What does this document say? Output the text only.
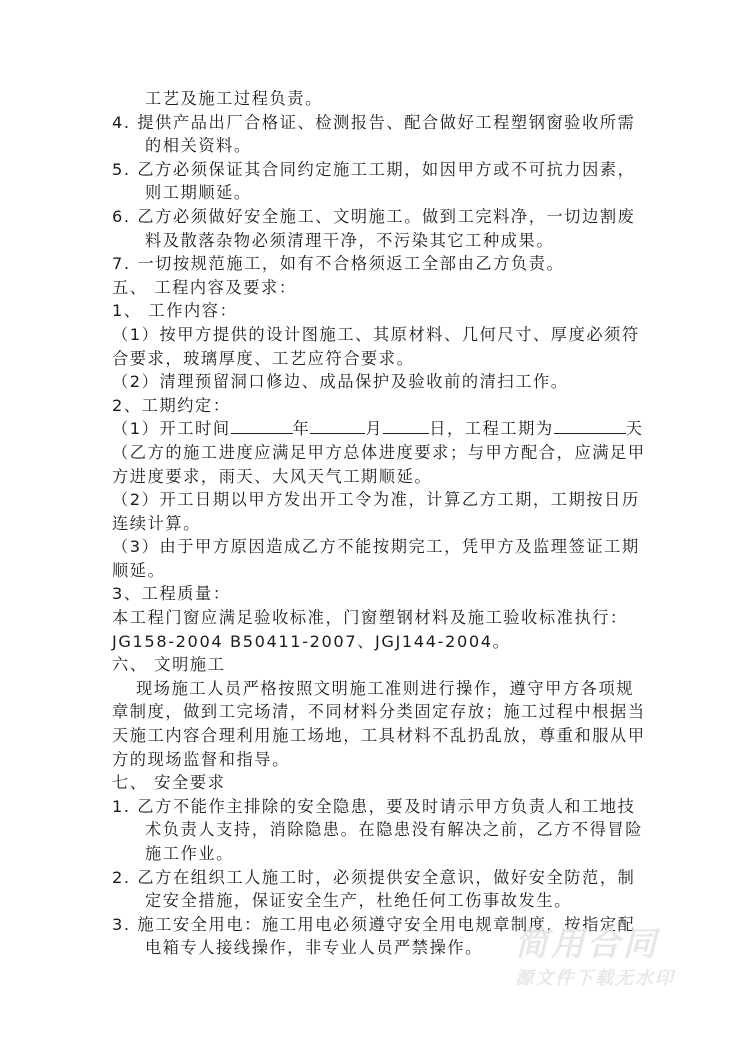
工艺及施工过程负责。
4. 提供产品出厂合格证、检测报告、配合做好工程塑钢窗验收所需
的相关资料。
5. 乙方必须保证其合同约定施工工期，如因甲方或不可抗力因素，
则工期顺延。
6. 乙方必须做好安全施工、文明施工。做到工完料净，一切边割废
料及散落杂物必须清理干净，不污染其它工种成果。
7. 一切按规范施工，如有不合格须返工全部由乙方负责。
五、 工程内容及要求：
1、 工作内容：
（1）按甲方提供的设计图施工、其原材料、几何尺寸、厚度必须符
合要求，玻璃厚度、工艺应符合要求。
（2）清理预留洞口修边、成品保护及验收前的清扫工作。
2、工期约定：
（1）开工时间	年	月	日，工程工期为	天
（乙方的施工进度应满足甲方总体进度要求；与甲方配合，应满足甲
方进度要求，雨天、大风天气工期顺延。
（2）开工日期以甲方发出开工令为准，计算乙方工期，工期按日历
连续计算。
（3）由于甲方原因造成乙方不能按期完工，凭甲方及监理签证工期
顺延。
3、工程质量：
本工程门窗应满足验收标准，门窗塑钢材料及施工验收标准执行：
JG158-2004 B50411-2007、JGJ144-2004。
六、 文明施工
现场施工人员严格按照文明施工准则进行操作，遵守甲方各项规
章制度，做到工完场清，不同材料分类固定存放；施工过程中根据当
天施工内容合理利用施工场地，工具材料不乱扔乱放，尊重和服从甲
方的现场监督和指导。
七、 安全要求
1. 乙方不能作主排除的安全隐患，要及时请示甲方负责人和工地技
术负责人支持，消除隐患。在隐患没有解决之前，乙方不得冒险
施工作业。
2. 乙方在组织工人施工时，必须提供安全意识，做好安全防范，制
定安全措施，保证安全生产，杜绝任何工伤事故发生。
3. 施工安全用电：施工用电必须遵守安全用电规章制度，按指定配
电箱专人接线操作，非专业人员严禁操作。 简用合同
源文件下载无水印
